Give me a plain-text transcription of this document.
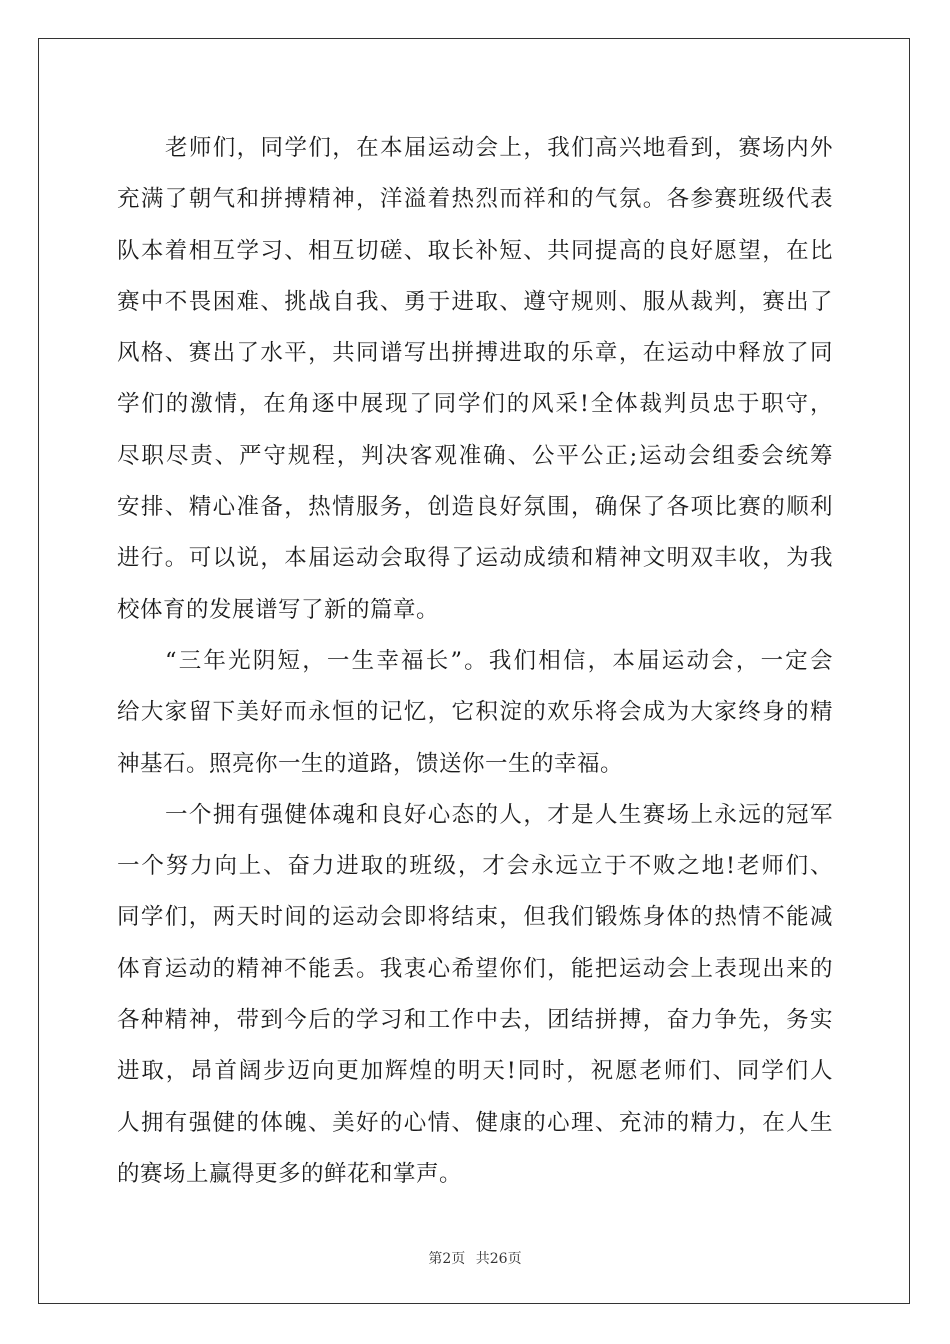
老师们，同学们，在本届运动会上，我们高兴地看到，赛场内外
充满了朝气和拼搏精神，洋溢着热烈而祥和的气氛。各参赛班级代表
队本着相互学习、相互切磋、取长补短、共同提高的良好愿望，在比
赛中不畏困难、挑战自我、勇于进取、遵守规则、服从裁判，赛出了
风格、赛出了水平，共同谱写出拼搏进取的乐章，在运动中释放了同
学们的激情，在角逐中展现了同学们的风采!全体裁判员忠于职守，
尽职尽责、严守规程，判决客观准确、公平公正;运动会组委会统筹
安排、精心准备，热情服务，创造良好氛围，确保了各项比赛的顺利
进行。可以说，本届运动会取得了运动成绩和精神文明双丰收，为我
校体育的发展谱写了新的篇章。
“三年光阴短，一生幸福长”。我们相信，本届运动会，一定会
给大家留下美好而永恒的记忆，它积淀的欢乐将会成为大家终身的精
神基石。照亮你一生的道路，馈送你一生的幸福。
一个拥有强健体魂和良好心态的人，才是人生赛场上永远的冠军
一个努力向上、奋力进取的班级，才会永远立于不败之地!老师们、
同学们，两天时间的运动会即将结束，但我们锻炼身体的热情不能减
体育运动的精神不能丢。我衷心希望你们，能把运动会上表现出来的
各种精神，带到今后的学习和工作中去，团结拼搏，奋力争先，务实
进取，昂首阔步迈向更加辉煌的明天!同时，祝愿老师们、同学们人
人拥有强健的体魄、美好的心情、健康的心理、充沛的精力，在人生
的赛场上赢得更多的鲜花和掌声。
第2页 共26页
